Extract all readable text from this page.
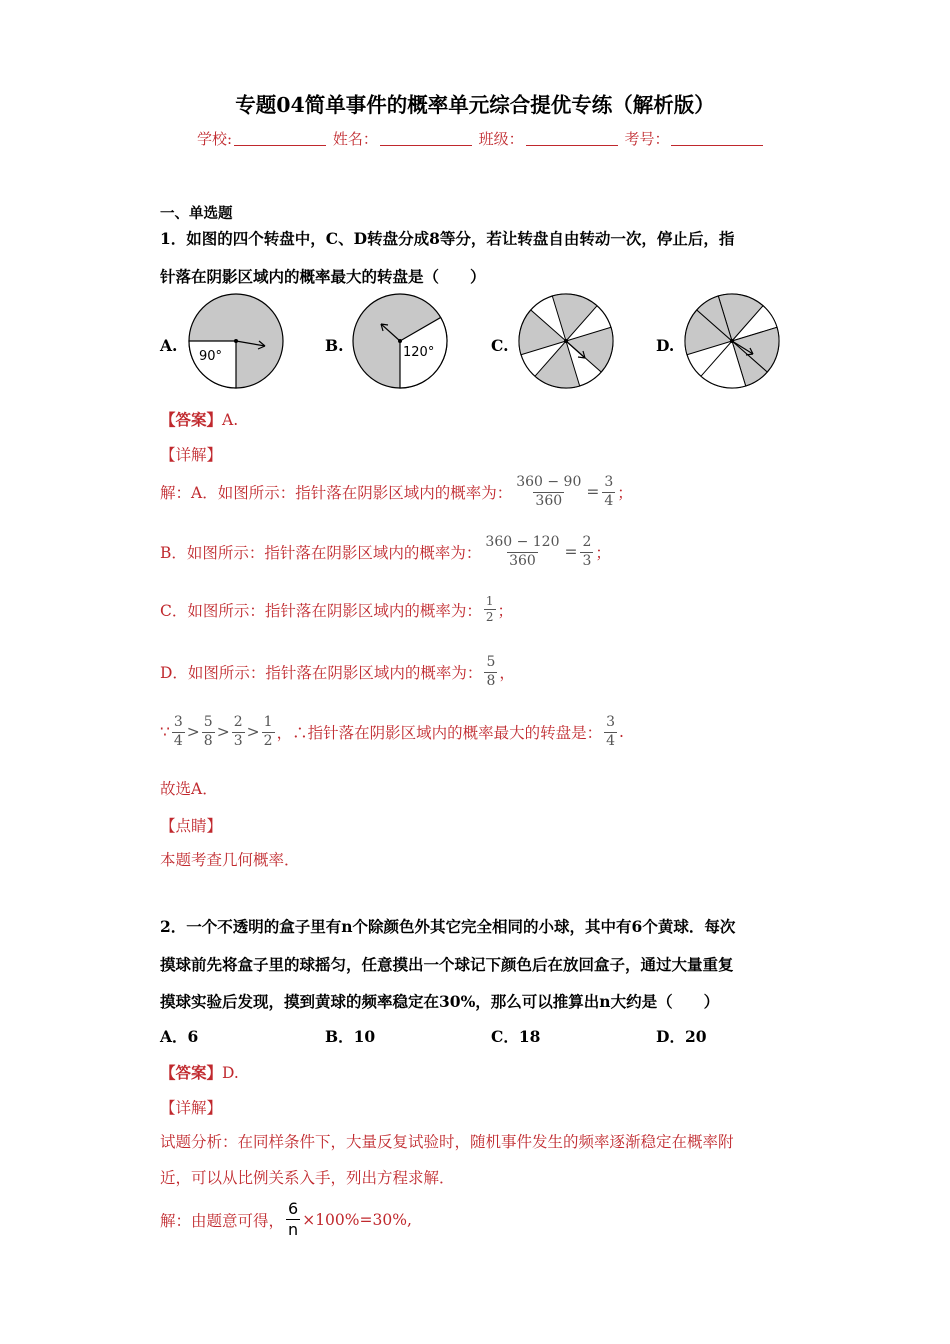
专题04简单事件的概率单元综合提优专练（解析版）
学校:	姓名：	班级：	考号：
一、单选题
1．如图的四个转盘中，C、D转盘分成8等分，若让转盘自由转动一次，停止后，指
针落在阴影区域内的概率最大的转盘是（　　）
A.	B.	C.	D.
90°	120°
【答案】A.
【详解】
解：A．如图所示：指针落在阴影区域内的概率为： $\frac{360 - 90}{360} = \frac{3}{4}$ ；
B．如图所示：指针落在阴影区域内的概率为： $\frac{360 - 120}{360} = \frac{2}{3}$ ；
C．如图所示：指针落在阴影区域内的概率为： $\frac{1}{2}$ ；
D．如图所示：指针落在阴影区域内的概率为： $\frac{5}{8}$ ，
∵ $\frac{3}{4} > \frac{5}{8} > \frac{2}{3} > \frac{1}{2}$ ，∴指针落在阴影区域内的概率最大的转盘是： $\frac{3}{4}$ .
故选A．
【点睛】
本题考查几何概率．
2．一个不透明的盒子里有n个除颜色外其它完全相同的小球，其中有6个黄球．每次
摸球前先将盒子里的球摇匀，任意摸出一个球记下颜色后在放回盒子，通过大量重复
摸球实验后发现，摸到黄球的频率稳定在30%，那么可以推算出n大约是（　　）
A．6	B．10	C．18	D．20
【答案】D.
【详解】
试题分析：在同样条件下，大量反复试验时，随机事件发生的频率逐渐稳定在概率附
近，可以从比例关系入手，列出方程求解．
解：由题意可得， $\frac{6}{n} \times 100\%=30\%$,
